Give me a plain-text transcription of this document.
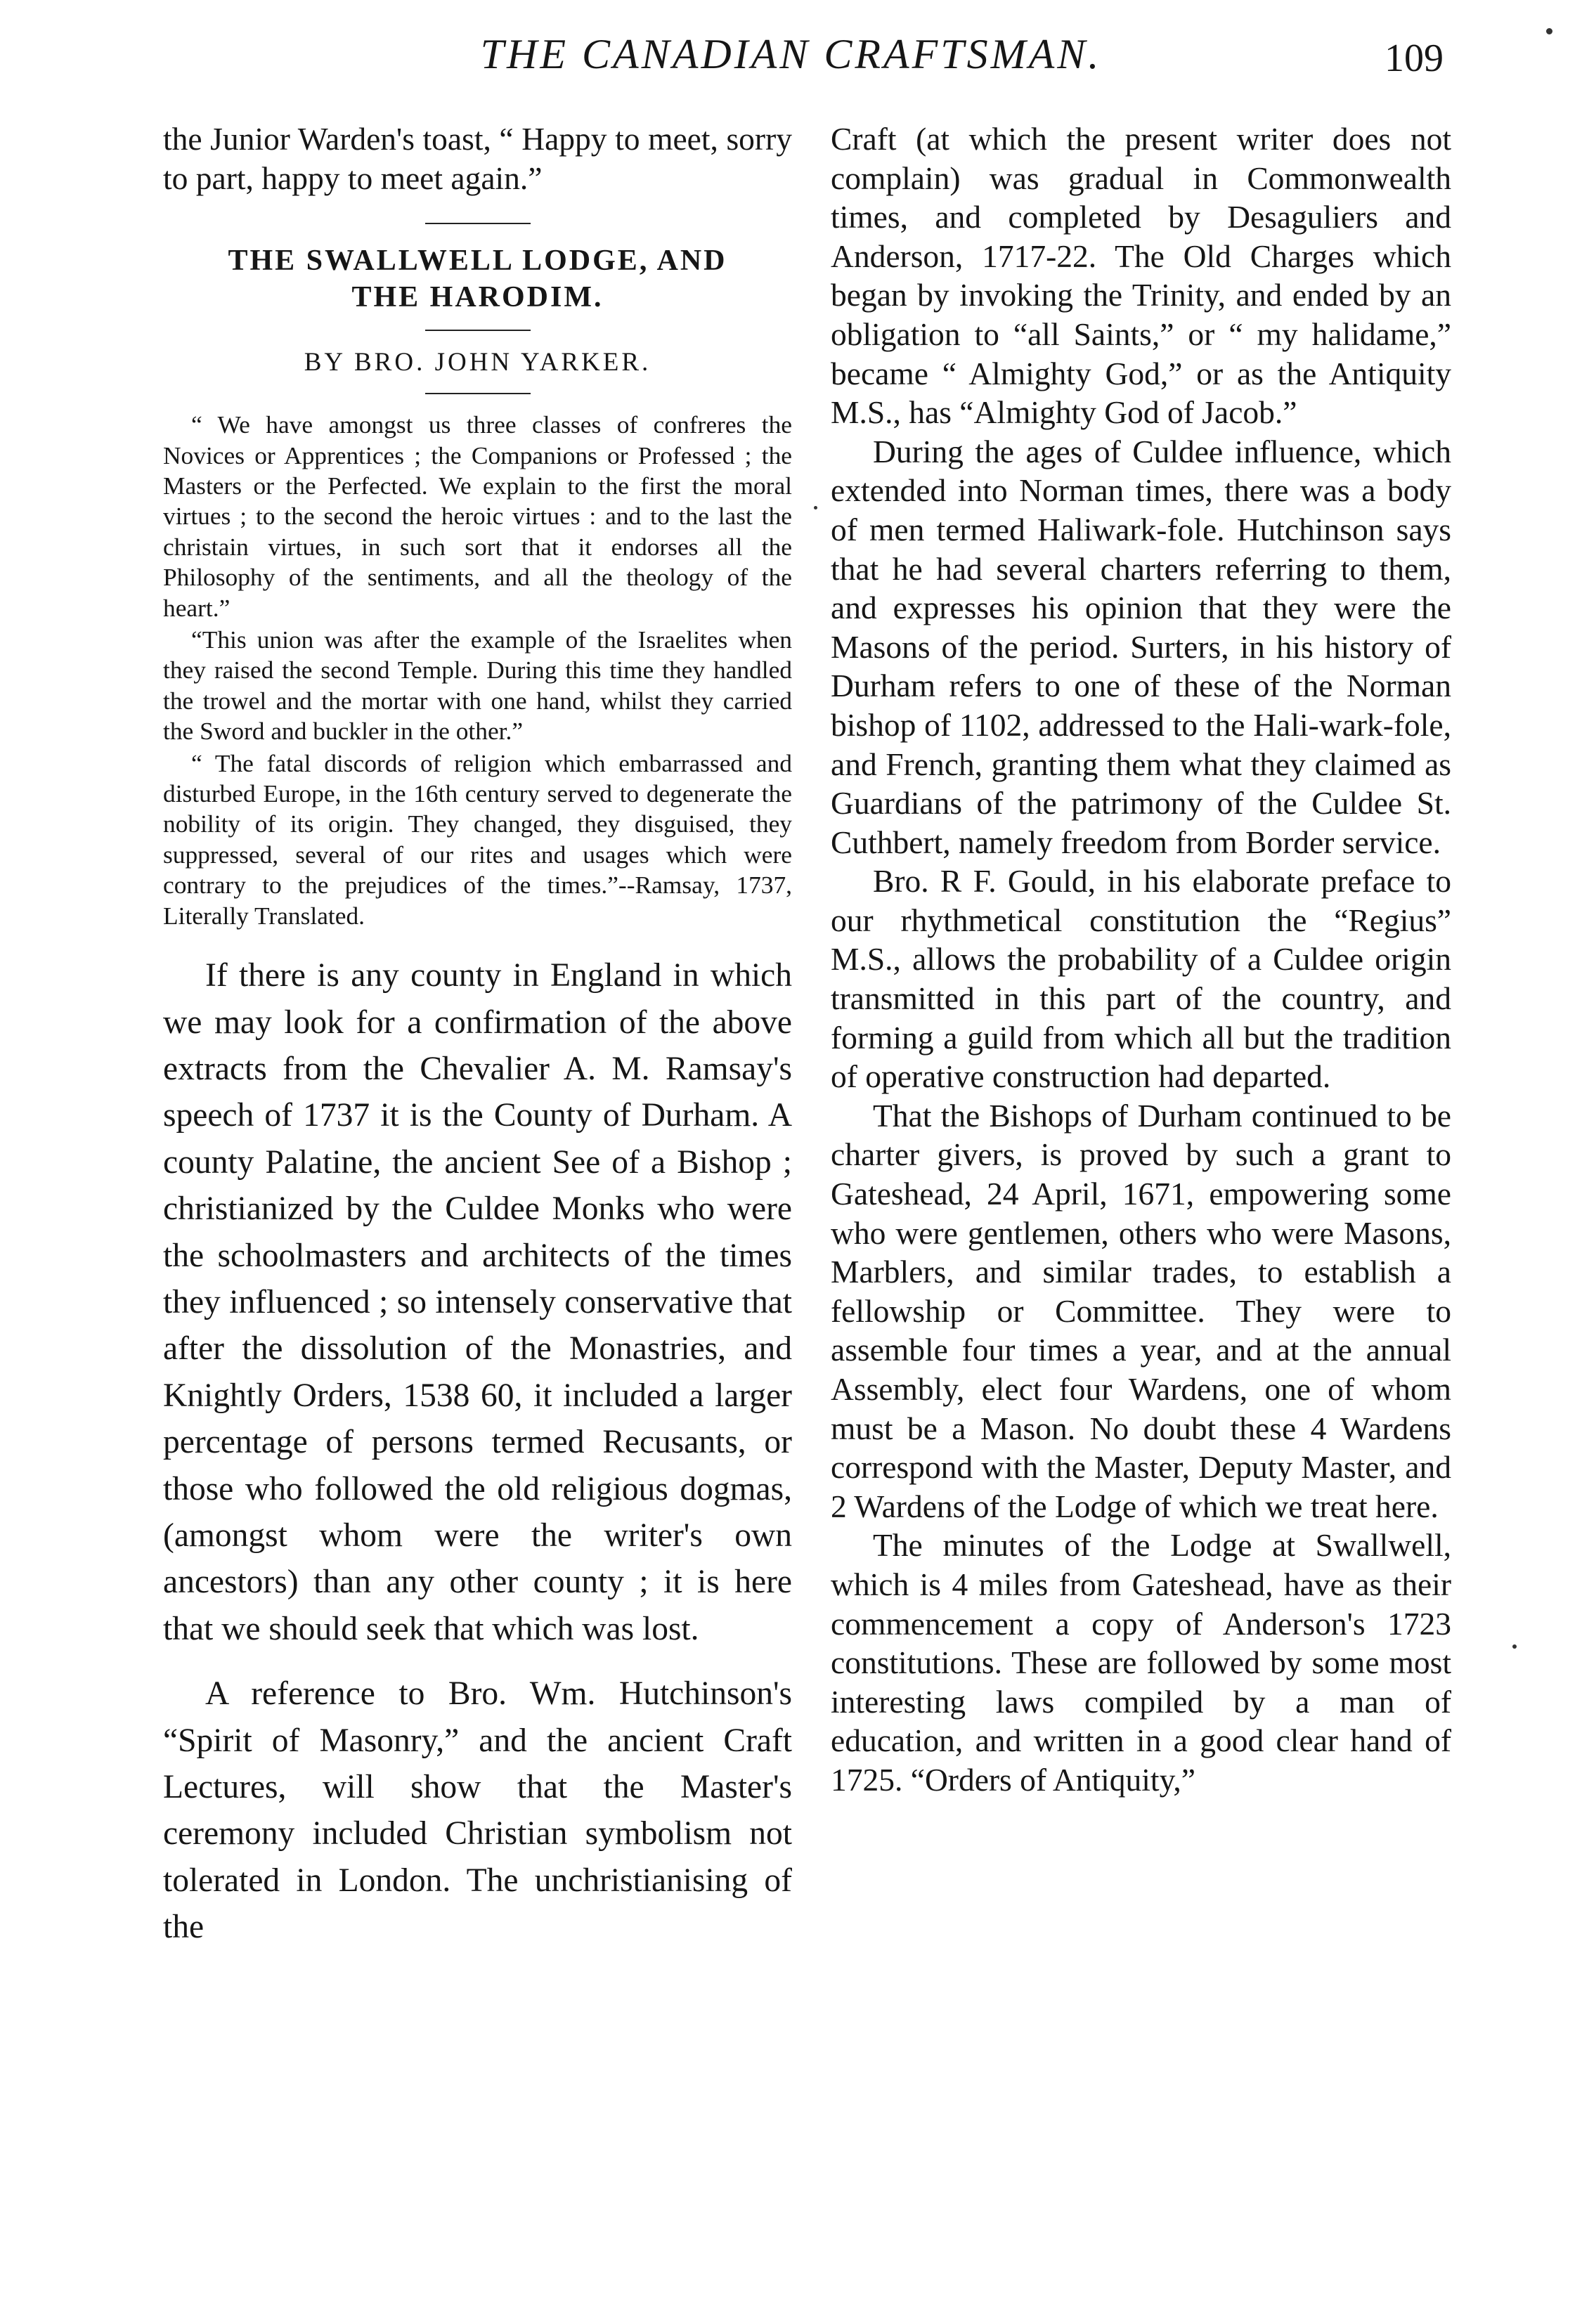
THE CANADIAN CRAFTSMAN.	109

the Junior Warden's toast, “ Happy to meet, sorry to part, happy to meet again.”

THE SWALLWELL LODGE, AND

THE HARODIM.

BY BRO. JOHN YARKER.

“ We have amongst us three classes of confreres the Novices or Apprentices ; the Companions or Professed ; the Masters or the Perfected. We explain to the first the moral virtues ; to the second the heroic virtues : and to the last the christain virtues, in such sort that it endorses all the Philosophy of the sentiments, and all the theology of the heart.”

“This union was after the example of the Israelites when they raised the second Temple. During this time they handled the trowel and the mortar with one hand, whilst they carried the Sword and buckler in the other.”

“ The fatal discords of religion which embarrassed and disturbed Europe, in the 16th century served to degenerate the nobility of its origin. They changed, they disguised, they suppressed, several of our rites and usages which were contrary to the prejudices of the times.”--Ramsay, 1737, Literally Translated.

If there is any county in England in which we may look for a confirmation of the above extracts from the Chevalier A. M. Ramsay's speech of 1737 it is the County of Durham. A county Palatine, the ancient See of a Bishop ; christianized by the Culdee Monks who were the schoolmasters and architects of the times they influenced ; so intensely conservative that after the dissolution of the Monastries, and Knightly Orders, 1538 60, it included a larger percentage of persons termed Recusants, or those who followed the old religious dogmas, (amongst whom were the writer's own ancestors) than any other county ; it is here that we should seek that which was lost.

A reference to Bro. Wm. Hutchinson's “Spirit of Masonry,” and the ancient Craft Lectures, will show that the Master's ceremony included Christian symbolism not tolerated in London. The unchristianising of the

Craft (at which the present writer does not complain) was gradual in Commonwealth times, and completed by Desaguliers and Anderson, 1717-22. The Old Charges which began by invoking the Trinity, and ended by an obligation to “all Saints,” or “ my halidame,” became “ Almighty God,” or as the Antiquity M.S., has “Almighty God of Jacob.”

During the ages of Culdee influence, which extended into Norman times, there was a body of men termed Haliwark-fole. Hutchinson says that he had several charters referring to them, and expresses his opinion that they were the Masons of the period. Surters, in his history of Durham refers to one of these of the Norman bishop of 1102, addressed to the Hali-wark-fole, and French, granting them what they claimed as Guardians of the patrimony of the Culdee St. Cuthbert, namely freedom from Border service.

Bro. R F. Gould, in his elaborate preface to our rhythmetical constitution the “Regius” M.S., allows the probability of a Culdee origin transmitted in this part of the country, and forming a guild from which all but the tradition of operative construction had departed.

That the Bishops of Durham continued to be charter givers, is proved by such a grant to Gateshead, 24 April, 1671, empowering some who were gentlemen, others who were Masons, Marblers, and similar trades, to establish a fellowship or Committee. They were to assemble four times a year, and at the annual Assembly, elect four Wardens, one of whom must be a Mason. No doubt these 4 Wardens correspond with the Master, Deputy Master, and 2 Wardens of the Lodge of which we treat here.

The minutes of the Lodge at Swallwell, which is 4 miles from Gateshead, have as their commencement a copy of Anderson's 1723 constitutions. These are followed by some most interesting laws compiled by a man of education, and written in a good clear hand of 1725. “Orders of Antiquity,”
